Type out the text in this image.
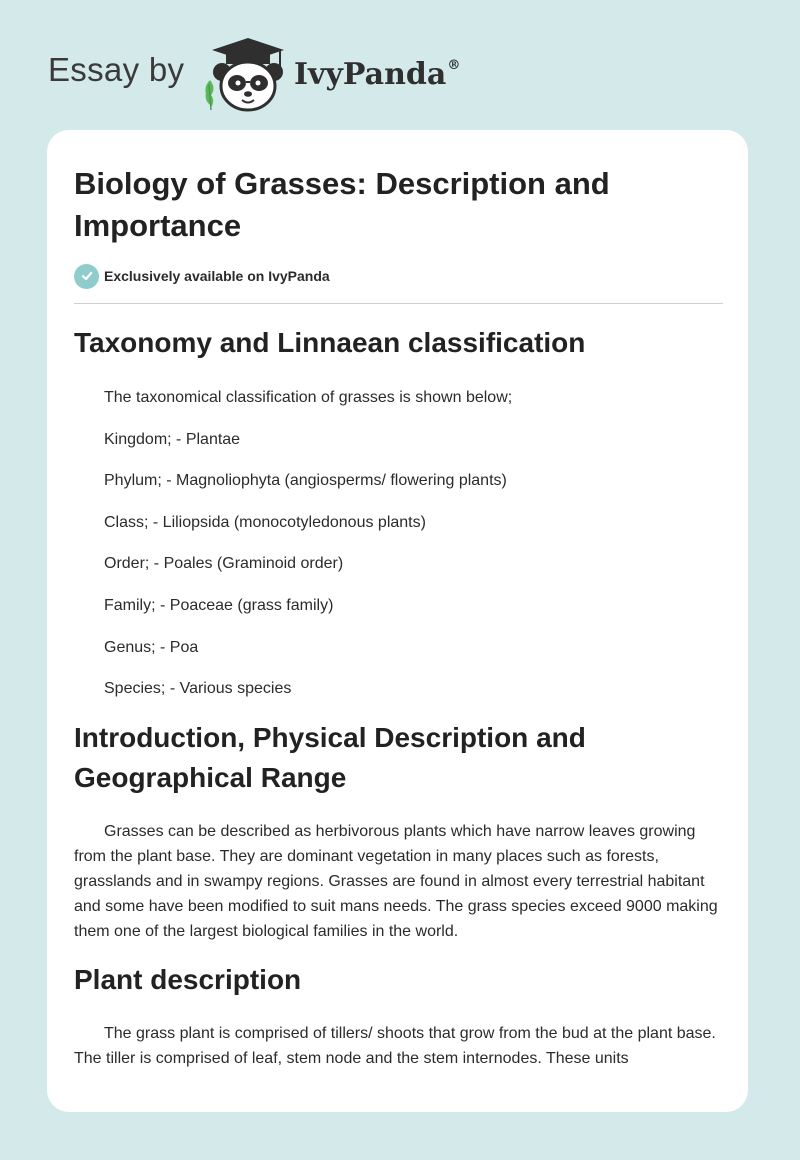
Essay by	IvyPanda®
Biology of Grasses: Description and Importance
Exclusively available on IvyPanda
Taxonomy and Linnaean classification

The taxonomical classification of grasses is shown below;

Kingdom; - Plantae

Phylum; - Magnoliophyta (angiosperms/ flowering plants)

Class; - Liliopsida (monocotyledonous plants)

Order; - Poales (Graminoid order)

Family; - Poaceae (grass family)

Genus; - Poa

Species; - Various species

Introduction, Physical Description and Geographical Range

Grasses can be described as herbivorous plants which have narrow leaves growing from the plant base. They are dominant vegetation in many places such as forests, grasslands and in swampy regions. Grasses are found in almost every terrestrial habitant and some have been modified to suit mans needs. The grass species exceed 9000 making them one of the largest biological families in the world.

Plant description

The grass plant is comprised of tillers/ shoots that grow from the bud at the plant base. The tiller is comprised of leaf, stem node and the stem internodes. These units
